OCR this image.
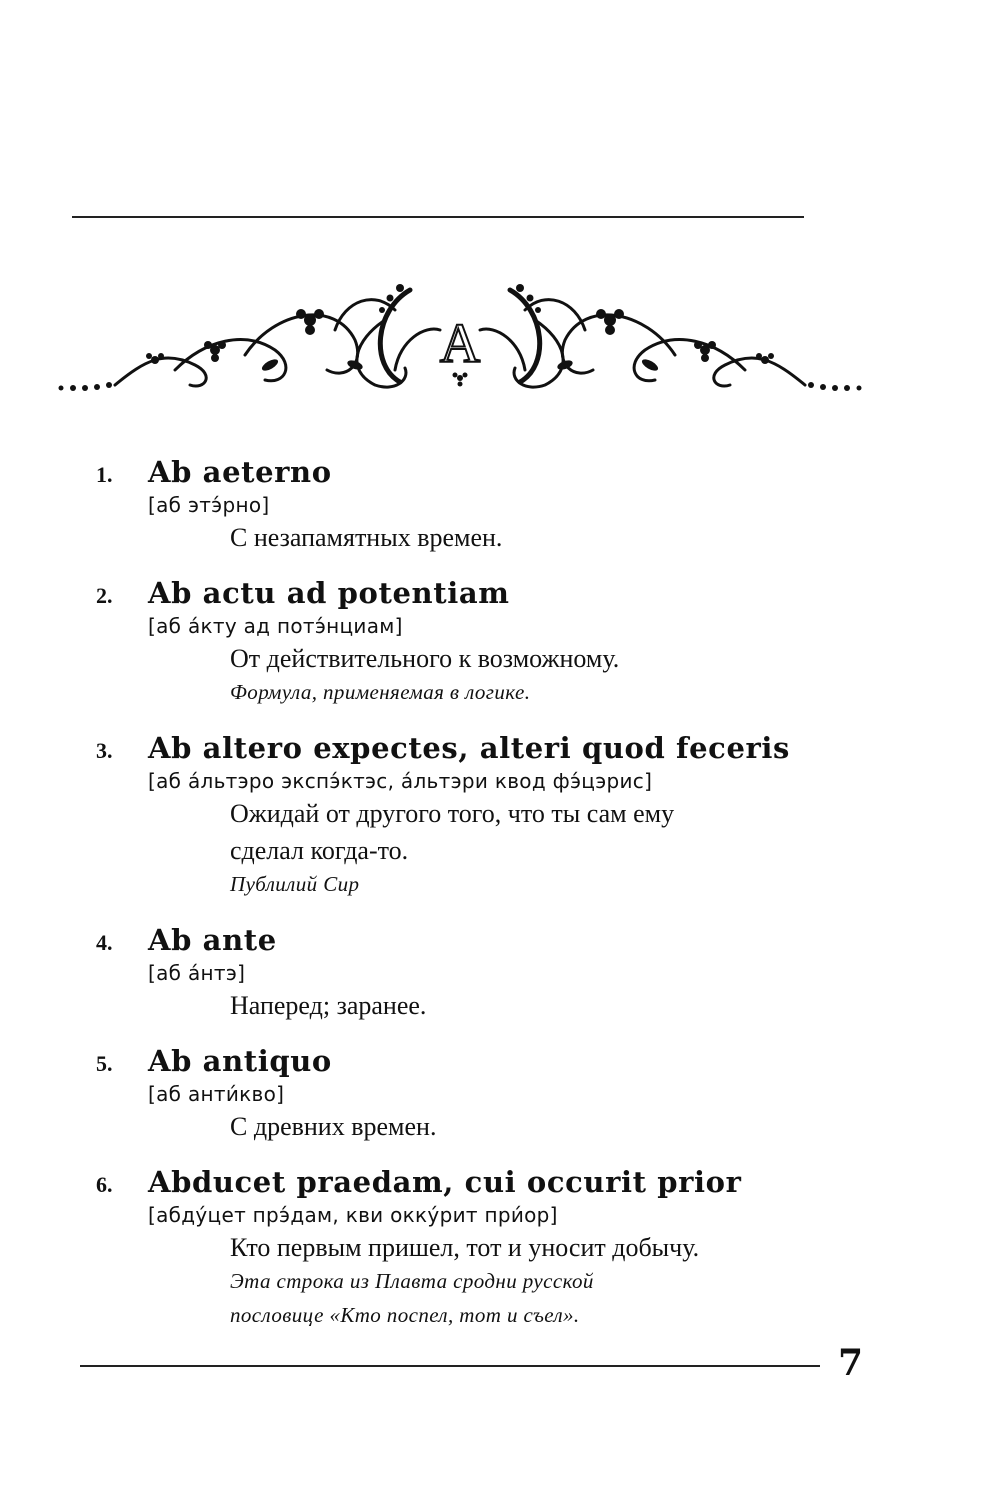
A
1.	Ab aeterno
[аб этэ́рно]
С незапамятных времен.
2.	Ab actu ad potentiam
[аб а́кту ад потэ́нциам]
От действительного к возможному.
Формула, применяемая в логике.
3.	Ab altero expectes, alteri quod feceris
[аб а́льтэро экспэ́ктэс, а́льтэри квод фэ́цэрис]
Ожидай от другого того, что ты сам ему
сделал когда-то.
Публилий Сир
4.	Ab ante
[аб а́нтэ]
Наперед; заранее.
5.	Ab antiquo
[аб анти́кво]
С древних времен.
6.	Abducet praedam, cui occurit prior
[абду́цет прэ́дам, кви оккýрит при́ор]
Кто первым пришел, тот и уносит добычу.
Эта строка из Плавта сродни русской
пословице «Кто поспел, тот и съел».
7
